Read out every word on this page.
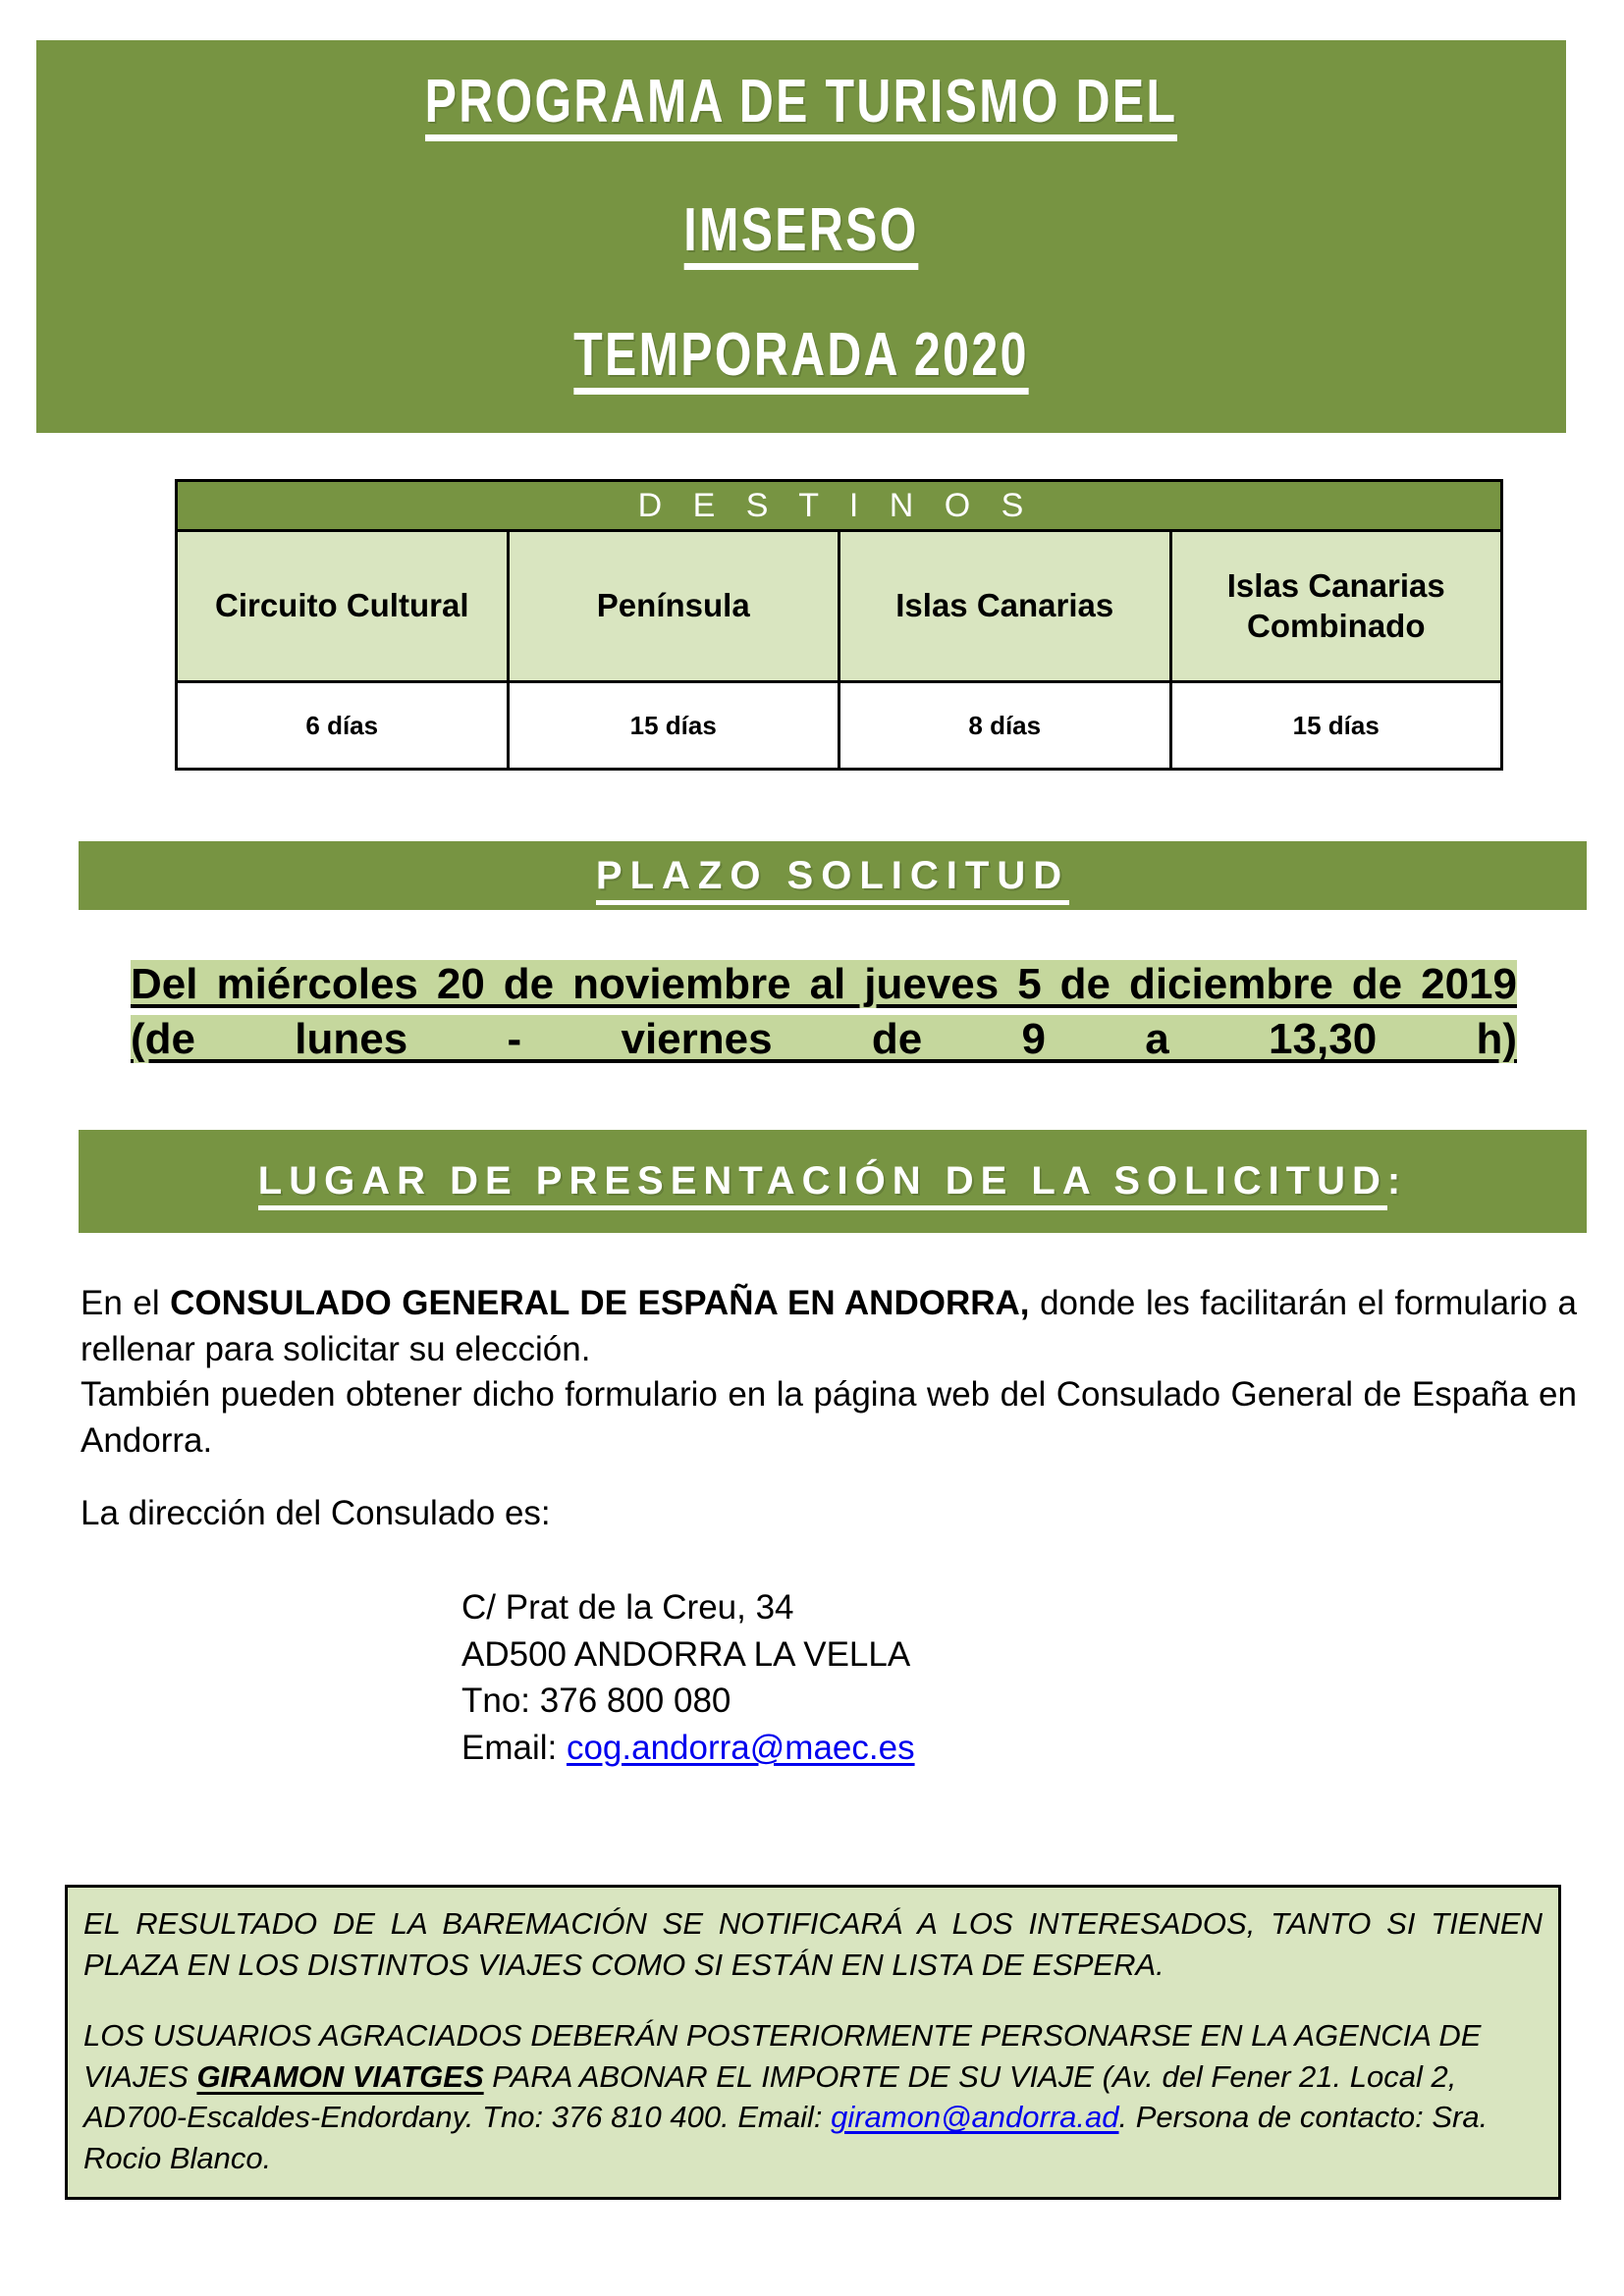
PROGRAMA DE TURISMO DEL
IMSERSO
TEMPORADA 2020
D E S T I N O S			
Circuito Cultural	Península	Islas Canarias	Islas Canarias Combinado
6 días	15 días	8 días	15 días
PLAZO SOLICITUD
Del miércoles 20 de noviembre al jueves 5 de diciembre de 2019 (de lunes - viernes de 9 a 13,30 h)
LUGAR DE PRESENTACIÓN DE LA SOLICITUD:

En el CONSULADO GENERAL DE ESPAÑA EN ANDORRA, donde les facilitarán el formulario a rellenar para solicitar su elección.

También pueden obtener dicho formulario en la página web del Consulado General de España en Andorra.

La dirección del Consulado es:
C/ Prat de la Creu, 34
AD500 ANDORRA LA VELLA
Tno: 376 800 080
Email: cog.andorra@maec.es

EL RESULTADO DE LA BAREMACIÓN SE NOTIFICARÁ A LOS INTERESADOS, TANTO SI TIENEN PLAZA EN LOS DISTINTOS VIAJES COMO SI ESTÁN EN LISTA DE ESPERA.

LOS USUARIOS AGRACIADOS DEBERÁN POSTERIORMENTE PERSONARSE EN LA AGENCIA DE VIAJES GIRAMON VIATGES PARA ABONAR EL IMPORTE DE SU VIAJE (Av. del Fener 21. Local 2, AD700-Escaldes-Endordany. Tno: 376 810 400. Email: giramon@andorra.ad. Persona de contacto: Sra. Rocio Blanco.
